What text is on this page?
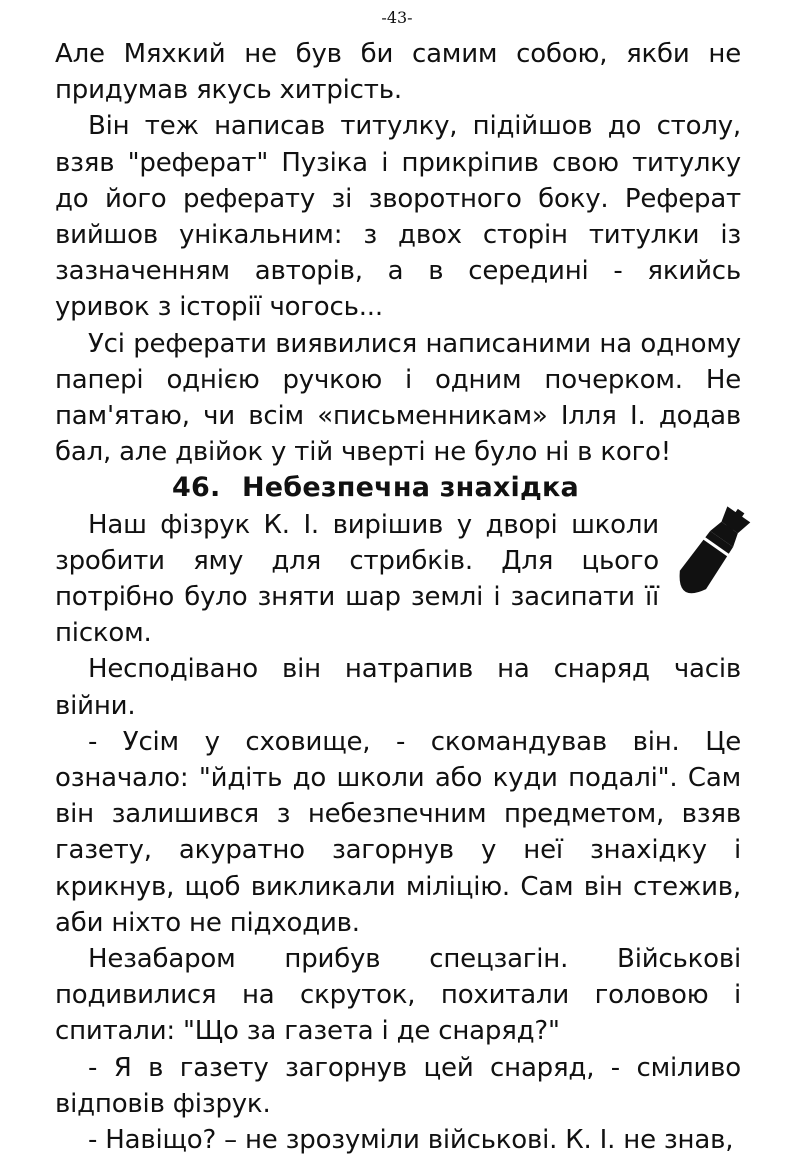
-43-

Але Мяхкий не був би самим собою, якби не придумав якусь хитрість.

Він теж написав титулку, підійшов до столу, взяв "реферат" Пузіка і прикріпив свою титулку до його реферату зі зворотного боку. Реферат вийшов унікальним: з двох сторін титулки із зазначенням авторів, а в середині - якийсь уривок з історії чогось...

Усі реферати виявилися написаними на одному папері однією ручкою і одним почерком. Не пам'ятаю, чи всім «письменникам» Ілля І. додав бал, але двійок у тій чверті не було ні в кого!

46. Небезпечна знахідка

Наш фізрук К. І. вирішив у дворі школи зробити яму для стрибків. Для цього потрібно було зняти шар землі і засипати її піском.

Несподівано він натрапив на снаряд часів війни.

- Усім у сховище, - скомандував він. Це означало: "йдіть до школи або куди подалі". Сам він залишився з небезпечним предметом, взяв газету, акуратно загорнув у неї знахідку і крикнув, щоб викликали міліцію. Сам він стежив, аби ніхто не підходив.

Незабаром прибув спецзагін. Військові подивилися на скруток, похитали головою і спитали: "Що за газета і де снаряд?"

- Я в газету загорнув цей снаряд, - сміливо відповів фізрук.

- Навіщо? – не зрозуміли військові. К. І. не знав,
